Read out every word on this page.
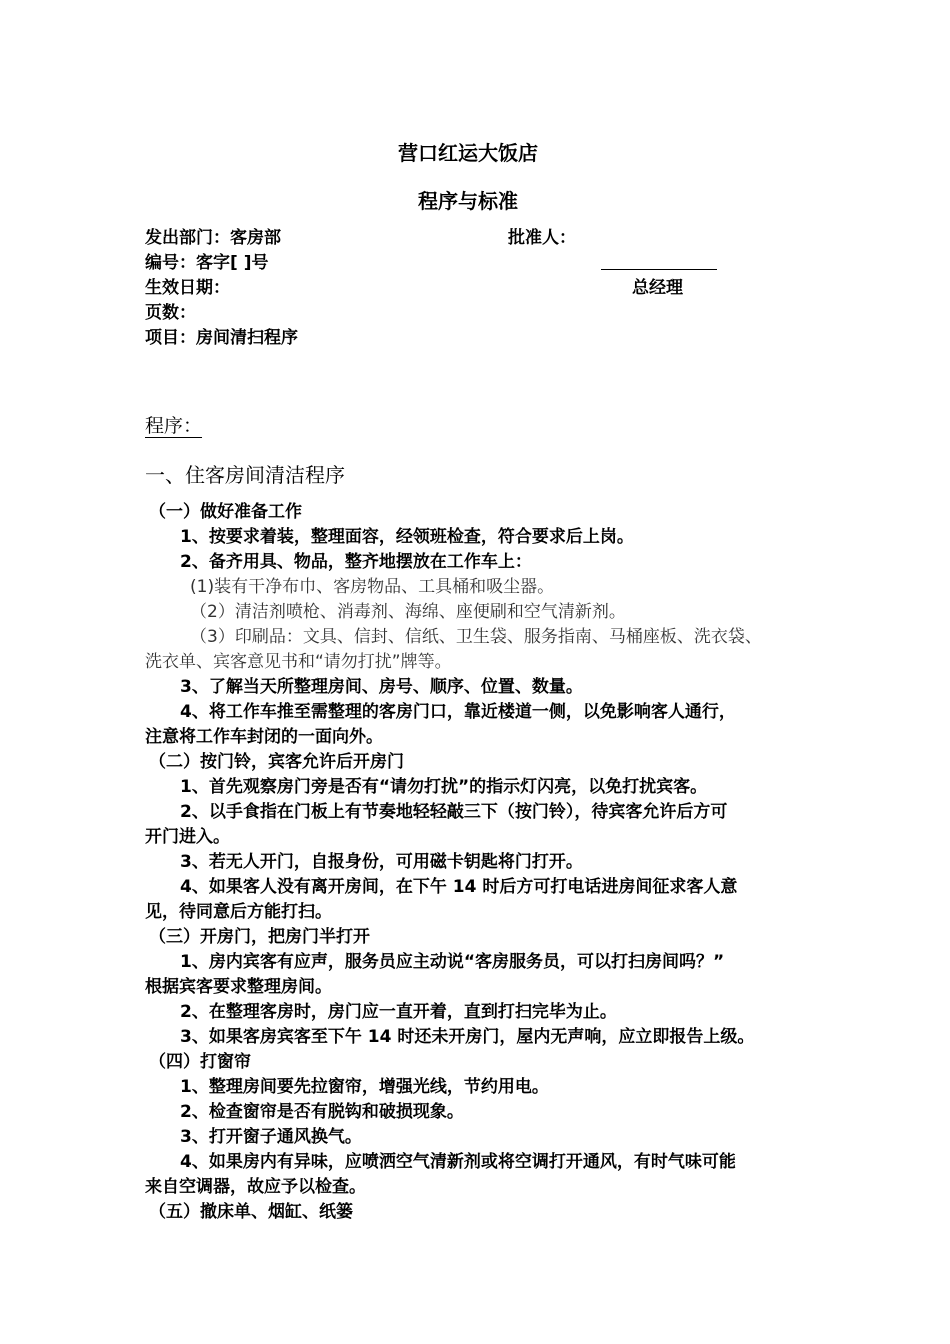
营口红运大饭店
程序与标准
发出部门：客房部	批准人：
编号：客字[ ]号
生效日期：	总经理
页数：
项目：房间清扫程序
程序：
一、住客房间清洁程序
（一）做好准备工作
1、按要求着装，整理面容，经领班检查，符合要求后上岗。
2、备齐用具、物品，整齐地摆放在工作车上：
(1)装有干净布巾、客房物品、工具桶和吸尘器。
（2）清洁剂喷枪、消毒剂、海绵、座便刷和空气清新剂。
（3）印刷品：文具、信封、信纸、卫生袋、服务指南、马桶座板、洗衣袋、
洗衣单、宾客意见书和“请勿打扰”牌等。
3、了解当天所整理房间、房号、顺序、位置、数量。
4、将工作车推至需整理的客房门口，靠近楼道一侧，以免影响客人通行，
注意将工作车封闭的一面向外。
（二）按门铃，宾客允许后开房门
1、首先观察房门旁是否有“请勿打扰”的指示灯闪亮，以免打扰宾客。
2、以手食指在门板上有节奏地轻轻敲三下（按门铃），待宾客允许后方可
开门进入。
3、若无人开门，自报身份，可用磁卡钥匙将门打开。
4、如果客人没有离开房间，在下午 14 时后方可打电话进房间征求客人意
见，待同意后方能打扫。
（三）开房门，把房门半打开
1、房内宾客有应声，服务员应主动说“客房服务员，可以打扫房间吗？”
根据宾客要求整理房间。
2、在整理客房时，房门应一直开着，直到打扫完毕为止。
3、如果客房宾客至下午 14 时还未开房门，屋内无声响，应立即报告上级。
（四）打窗帘
1、整理房间要先拉窗帘，增强光线，节约用电。
2、检查窗帘是否有脱钩和破损现象。
3、打开窗子通风换气。
4、如果房内有异味，应喷洒空气清新剂或将空调打开通风，有时气味可能
来自空调器，故应予以检查。
（五）撤床单、烟缸、纸篓
